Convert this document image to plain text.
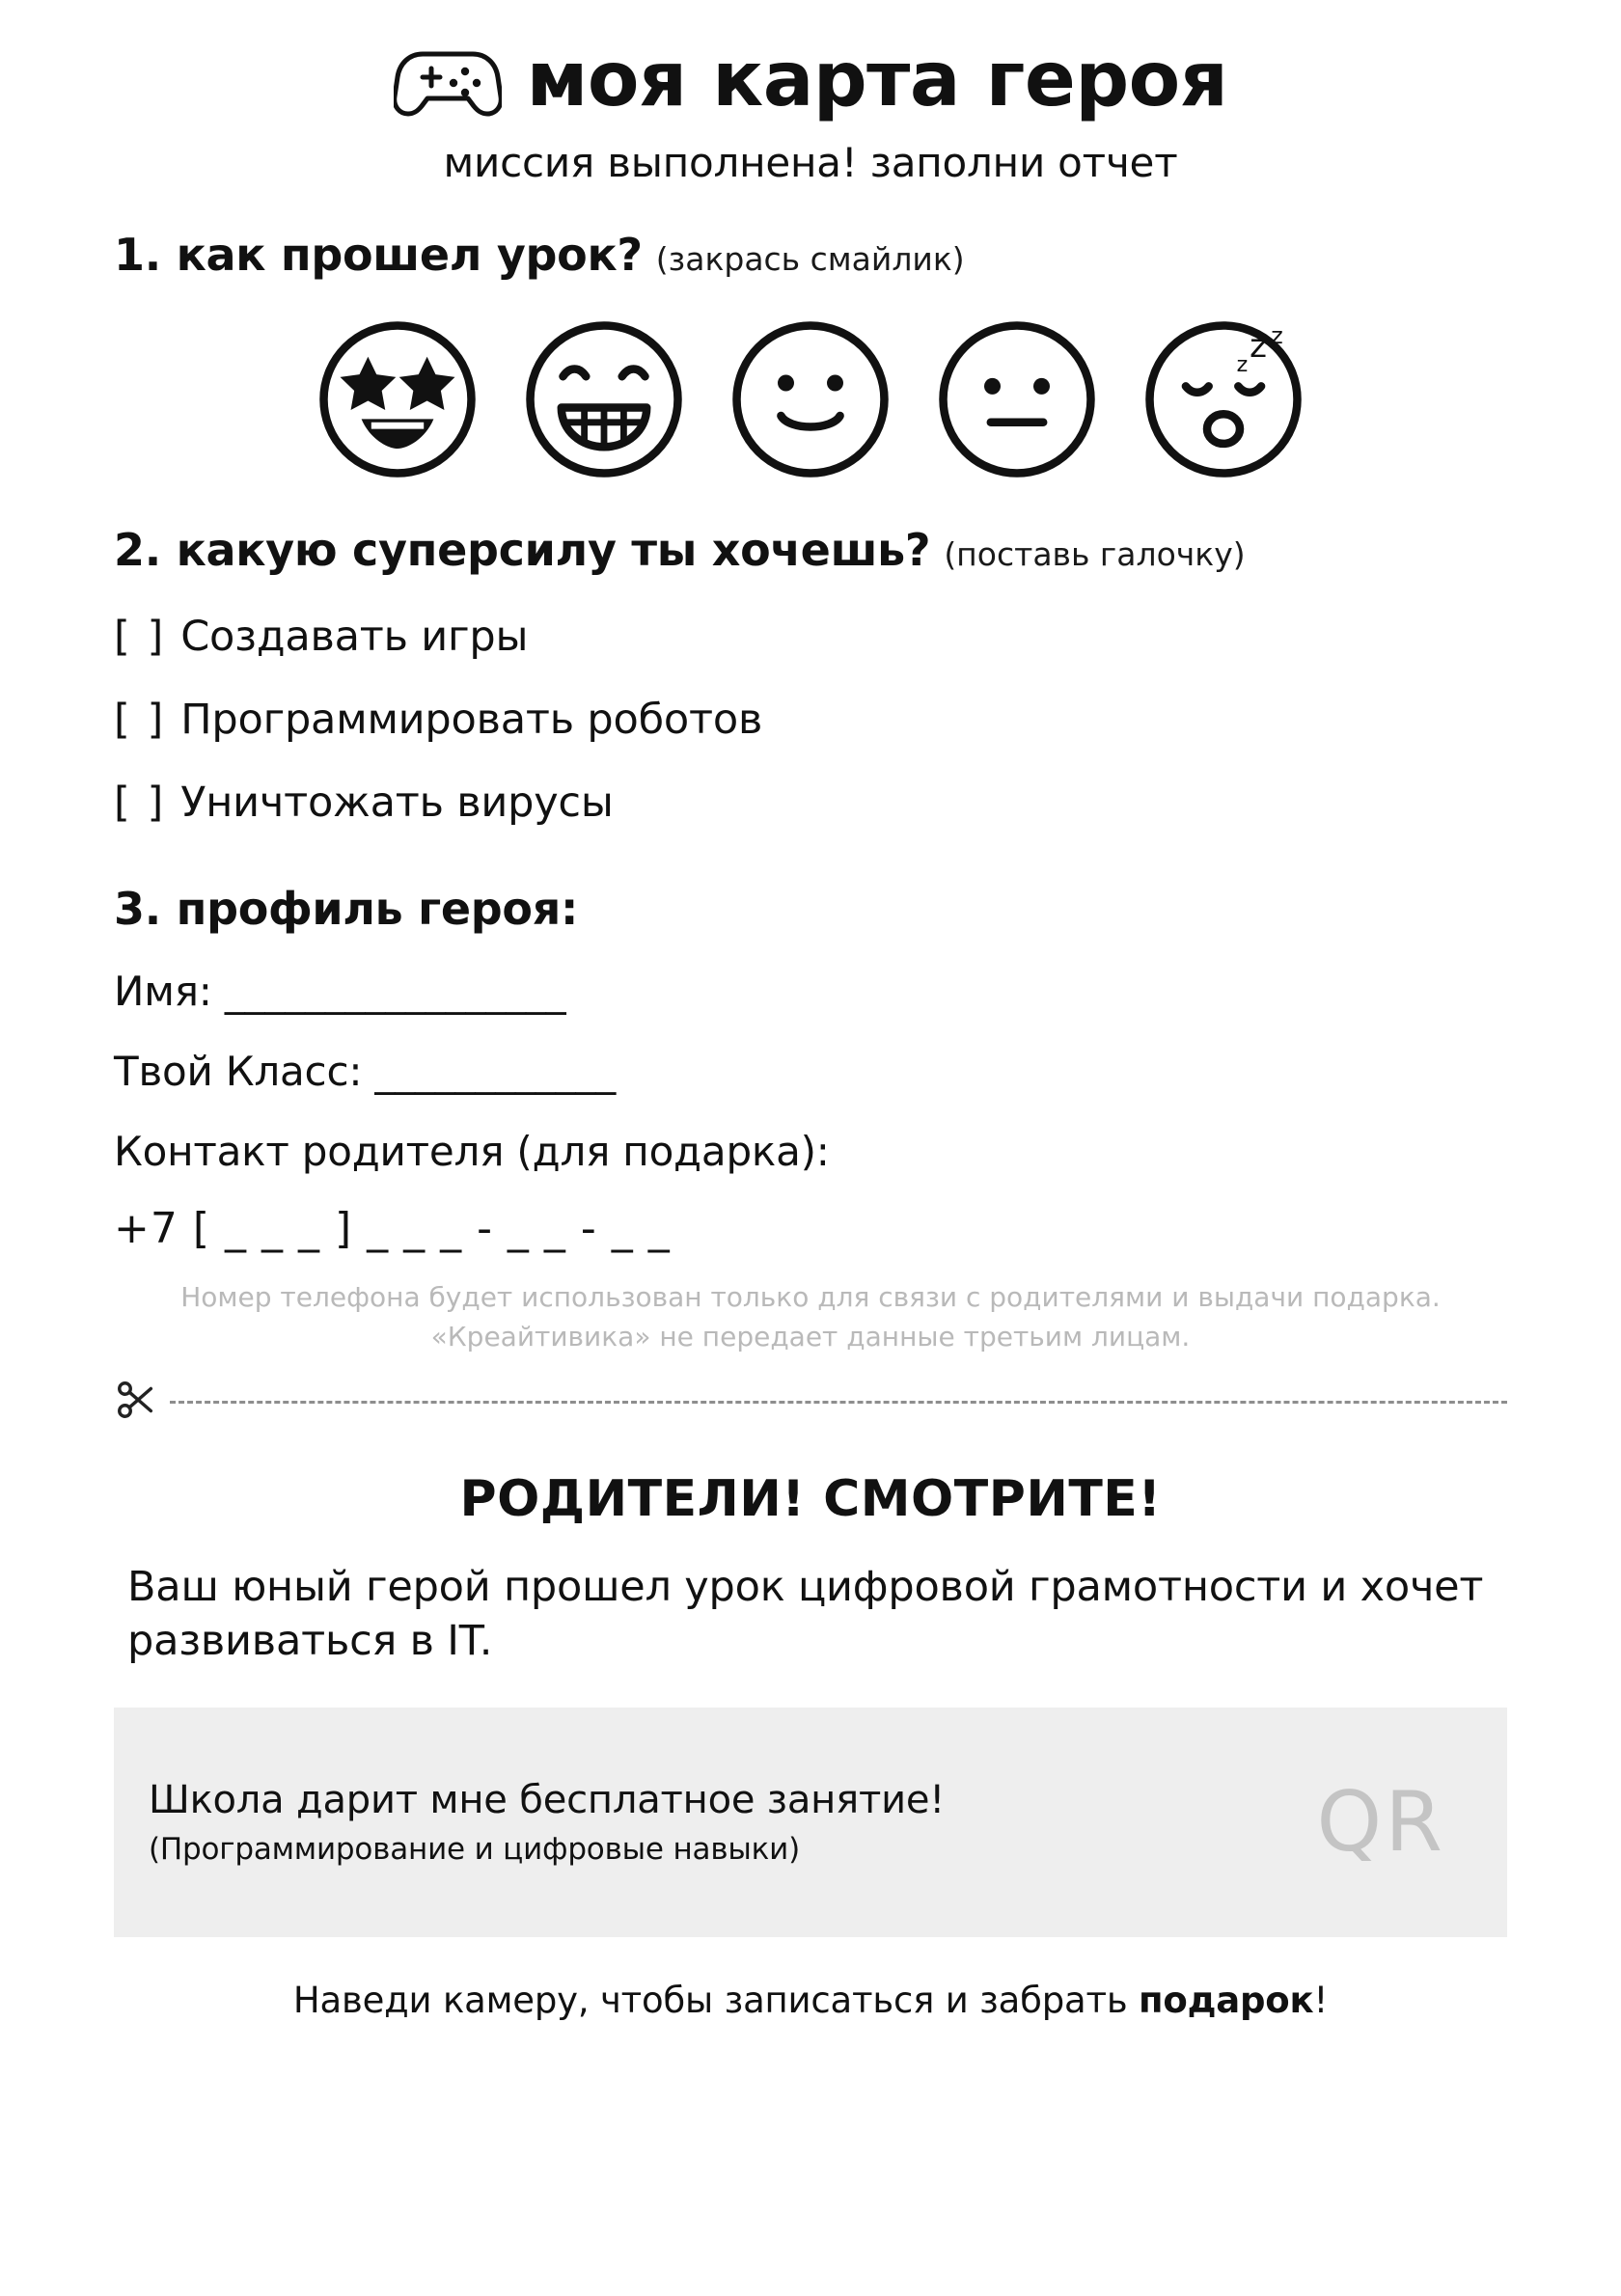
моя карта героя
миссия выполнена! заполни отчет
1. как прошел урок? (закрась смайлик)
z z
z
2. какую суперсилу ты хочешь? (поставь галочку)
[ ] Создавать игры
[ ] Программировать роботов
[ ] Уничтожать вирусы
3. профиль героя:
Имя: _________________
Твой Класс: ____________
Контакт родителя (для подарка):
+7 [ _ _ _ ] _ _ _ - _ _ - _ _
Номер телефона будет использован только для связи с родителями и выдачи подарка. «Креайтивика» не передает данные третьим лицам.
РОДИТЕЛИ! СМОТРИТЕ!
Ваш юный герой прошел урок цифровой грамотности и хочет развиваться в IT.
Школа дарит мне бесплатное занятие!
(Программирование и цифровые навыки)	QR
Наведи камеру, чтобы записаться и забрать подарок!
